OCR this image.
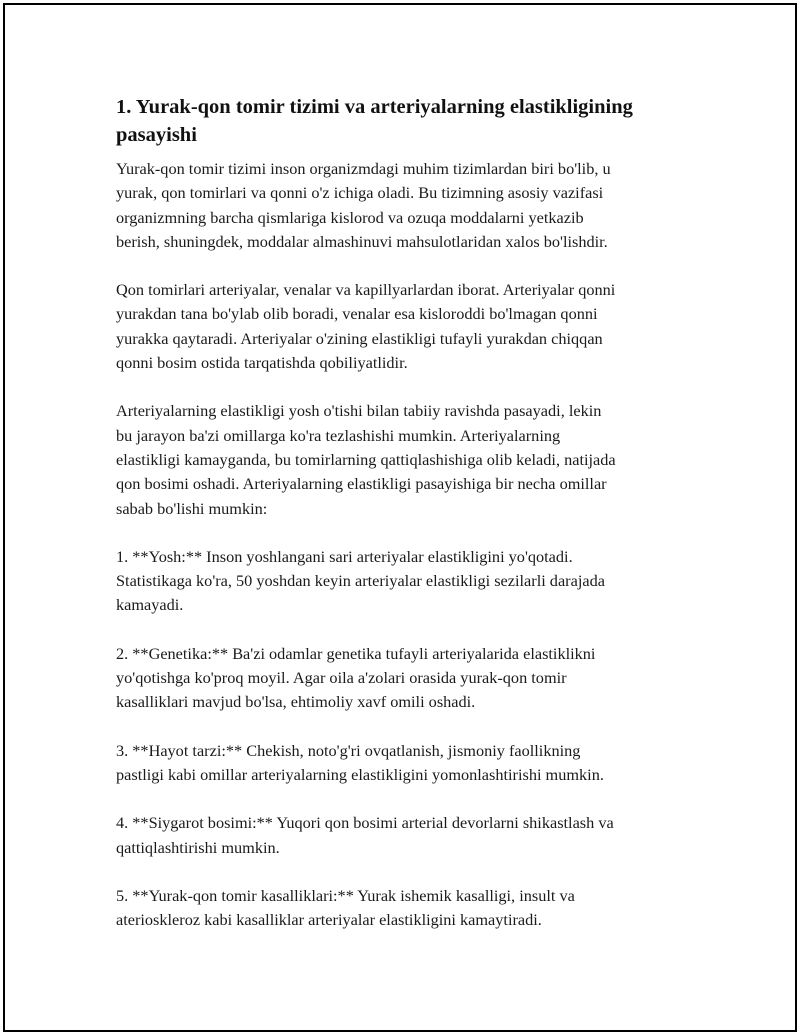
1. Yurak-qon tomir tizimi va arteriyalarning elastikligining
pasayishi

Yurak-qon tomir tizimi inson organizmdagi muhim tizimlardan biri bo'lib, u
yurak, qon tomirlari va qonni o'z ichiga oladi. Bu tizimning asosiy vazifasi
organizmning barcha qismlariga kislorod va ozuqa moddalarni yetkazib
berish, shuningdek, moddalar almashinuvi mahsulotlaridan xalos bo'lishdir.

Qon tomirlari arteriyalar, venalar va kapillyarlardan iborat. Arteriyalar qonni
yurakdan tana bo'ylab olib boradi, venalar esa kisloroddi bo'lmagan qonni
yurakka qaytaradi. Arteriyalar o'zining elastikligi tufayli yurakdan chiqqan
qonni bosim ostida tarqatishda qobiliyatlidir.

Arteriyalarning elastikligi yosh o'tishi bilan tabiiy ravishda pasayadi, lekin
bu jarayon ba'zi omillarga ko'ra tezlashishi mumkin. Arteriyalarning
elastikligi kamayganda, bu tomirlarning qattiqlashishiga olib keladi, natijada
qon bosimi oshadi. Arteriyalarning elastikligi pasayishiga bir necha omillar
sabab bo'lishi mumkin:

1. **Yosh:** Inson yoshlangani sari arteriyalar elastikligini yo'qotadi.
Statistikaga ko'ra, 50 yoshdan keyin arteriyalar elastikligi sezilarli darajada
kamayadi.

2. **Genetika:** Ba'zi odamlar genetika tufayli arteriyalarida elastiklikni
yo'qotishga ko'proq moyil. Agar oila a'zolari orasida yurak-qon tomir
kasalliklari mavjud bo'lsa, ehtimoliy xavf omili oshadi.

3. **Hayot tarzi:** Chekish, noto'g'ri ovqatlanish, jismoniy faollikning
pastligi kabi omillar arteriyalarning elastikligini yomonlashtirishi mumkin.

4. **Siygarot bosimi:** Yuqori qon bosimi arterial devorlarni shikastlash va
qattiqlashtirishi mumkin.

5. **Yurak-qon tomir kasalliklari:** Yurak ishemik kasalligi, insult va
aterioskleroz kabi kasalliklar arteriyalar elastikligini kamaytiradi.
